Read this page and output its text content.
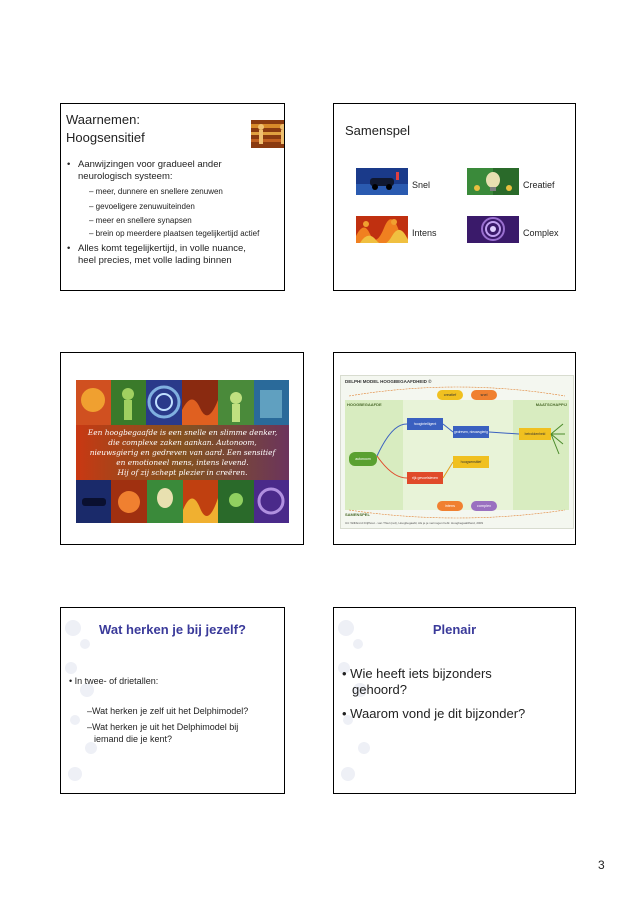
Waarnemen:
Hoogsensitief
• Aanwijzingen voor gradueel ander
neurologisch systeem:
– meer, dunnere en snellere zenuwen
– gevoeligere zenuwuiteinden
– meer en snellere synapsen
– brein op meerdere plaatsen tegelijkertijd actief
• Alles komt tegelijkertijd, in volle nuance,
heel precies, met volle lading binnen
Samenspel
Snel	Creatief
Intens	Complex
Een hoogbegaafde is een snelle en slimme denker,
die complexe zaken aankan. Autonoom,
nieuwsgierig en gedreven van aard. Een sensitief
en emotioneel mens, intens levend.
Hij of zij schept plezier in creëren.
DELPHI MODEL HOOGBEGAAFDHEID ©
HOOGBEGAAFDE
autonoom
MAATSCHAPPIJ
creatief	snel
hoogintelligent
gedreven, nieuwsgierig	betrokkenheid
hoogsensitief
rijk gevoelsleven
intens	complex
SAMENSPEL
Uit: Willibrord Drijfhout - van Thiel (red), Hoogbegaafd, Als je je vermogen hebt: Hoogbegaafdheid, 2009
Wat herken je bij jezelf?
• In twee- of drietallen:
–Wat herken je zelf uit het Delphimodel?
–Wat herken je uit het Delphimodel bij
iemand die je kent?
Plenair
• Wie heeft iets bijzonders
gehoord?
• Waarom vond je dit bijzonder?
3
